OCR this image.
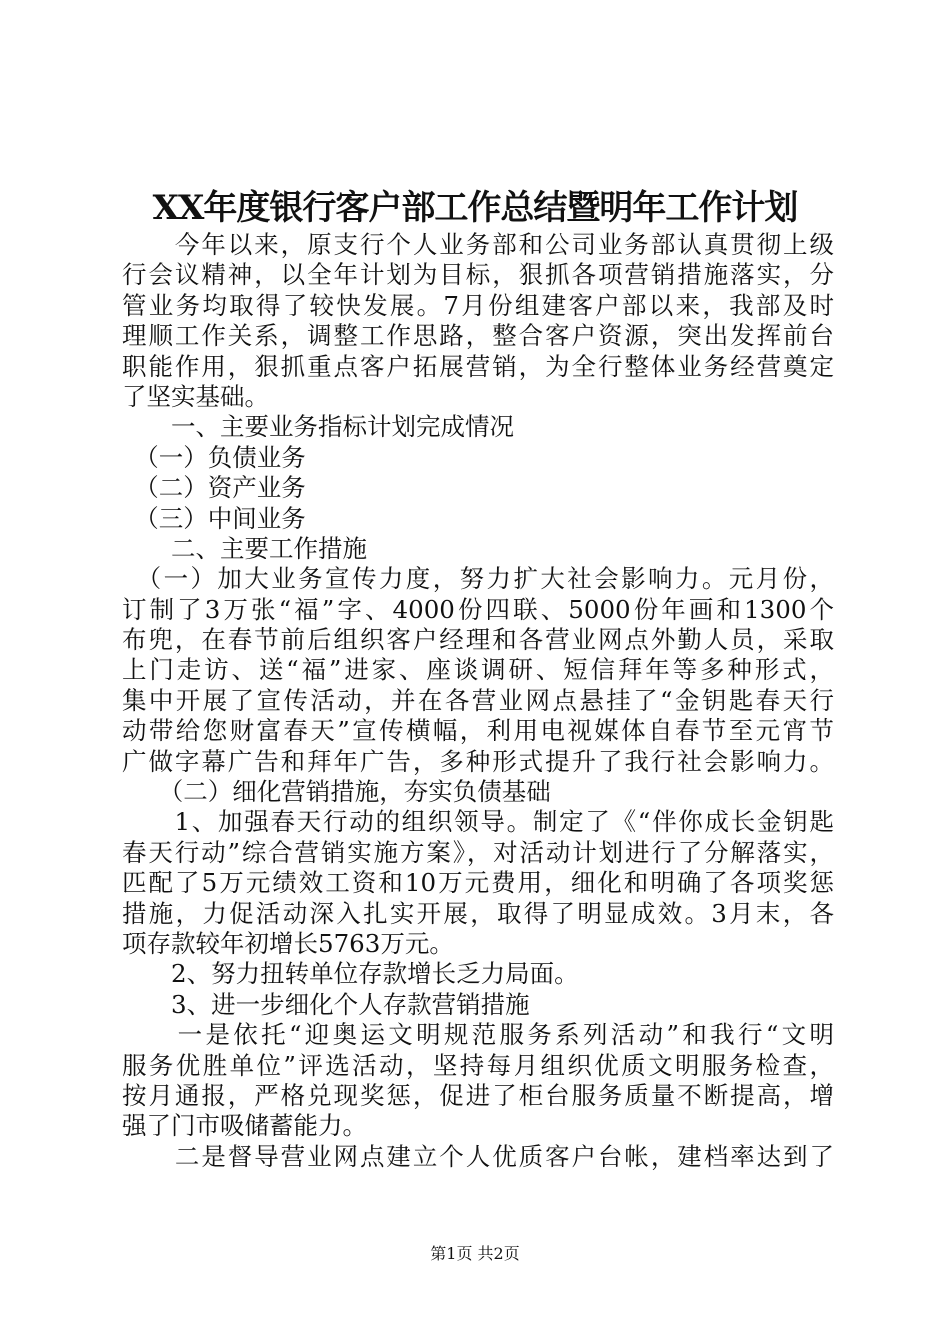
XX年度银行客户部工作总结暨明年工作计划
　　今年以来，原支行个人业务部和公司业务部认真贯彻上级
行会议精神，以全年计划为目标，狠抓各项营销措施落实，分
管业务均取得了较快发展。7月份组建客户部以来，我部及时
理顺工作关系，调整工作思路，整合客户资源，突出发挥前台
职能作用，狠抓重点客户拓展营销，为全行整体业务经营奠定
了坚实基础。
　　一、主要业务指标计划完成情况
　（一）负债业务
　（二）资产业务
　（三）中间业务
　　二、主要工作措施
　（一）加大业务宣传力度，努力扩大社会影响力。元月份，
订制了3万张“福”字、4000份四联、5000份年画和1300个
布兜，在春节前后组织客户经理和各营业网点外勤人员，采取
上门走访、送“福”进家、座谈调研、短信拜年等多种形式，
集中开展了宣传活动，并在各营业网点悬挂了“金钥匙春天行
动带给您财富春天”宣传横幅，利用电视媒体自春节至元宵节
广做字幕广告和拜年广告，多种形式提升了我行社会影响力。
　　（二）细化营销措施，夯实负债基础
　　1、加强春天行动的组织领导。制定了《“伴你成长金钥匙
春天行动”综合营销实施方案》，对活动计划进行了分解落实，
匹配了5万元绩效工资和10万元费用，细化和明确了各项奖惩
措施，力促活动深入扎实开展，取得了明显成效。3月末，各
项存款较年初增长5763万元。
　　2、努力扭转单位存款增长乏力局面。
　　3、进一步细化个人存款营销措施
　　一是依托“迎奥运文明规范服务系列活动”和我行“文明
服务优胜单位”评选活动，坚持每月组织优质文明服务检查，
按月通报，严格兑现奖惩，促进了柜台服务质量不断提高，增
强了门市吸储蓄能力。
　　二是督导营业网点建立个人优质客户台帐，建档率达到了
第1页 共2页
